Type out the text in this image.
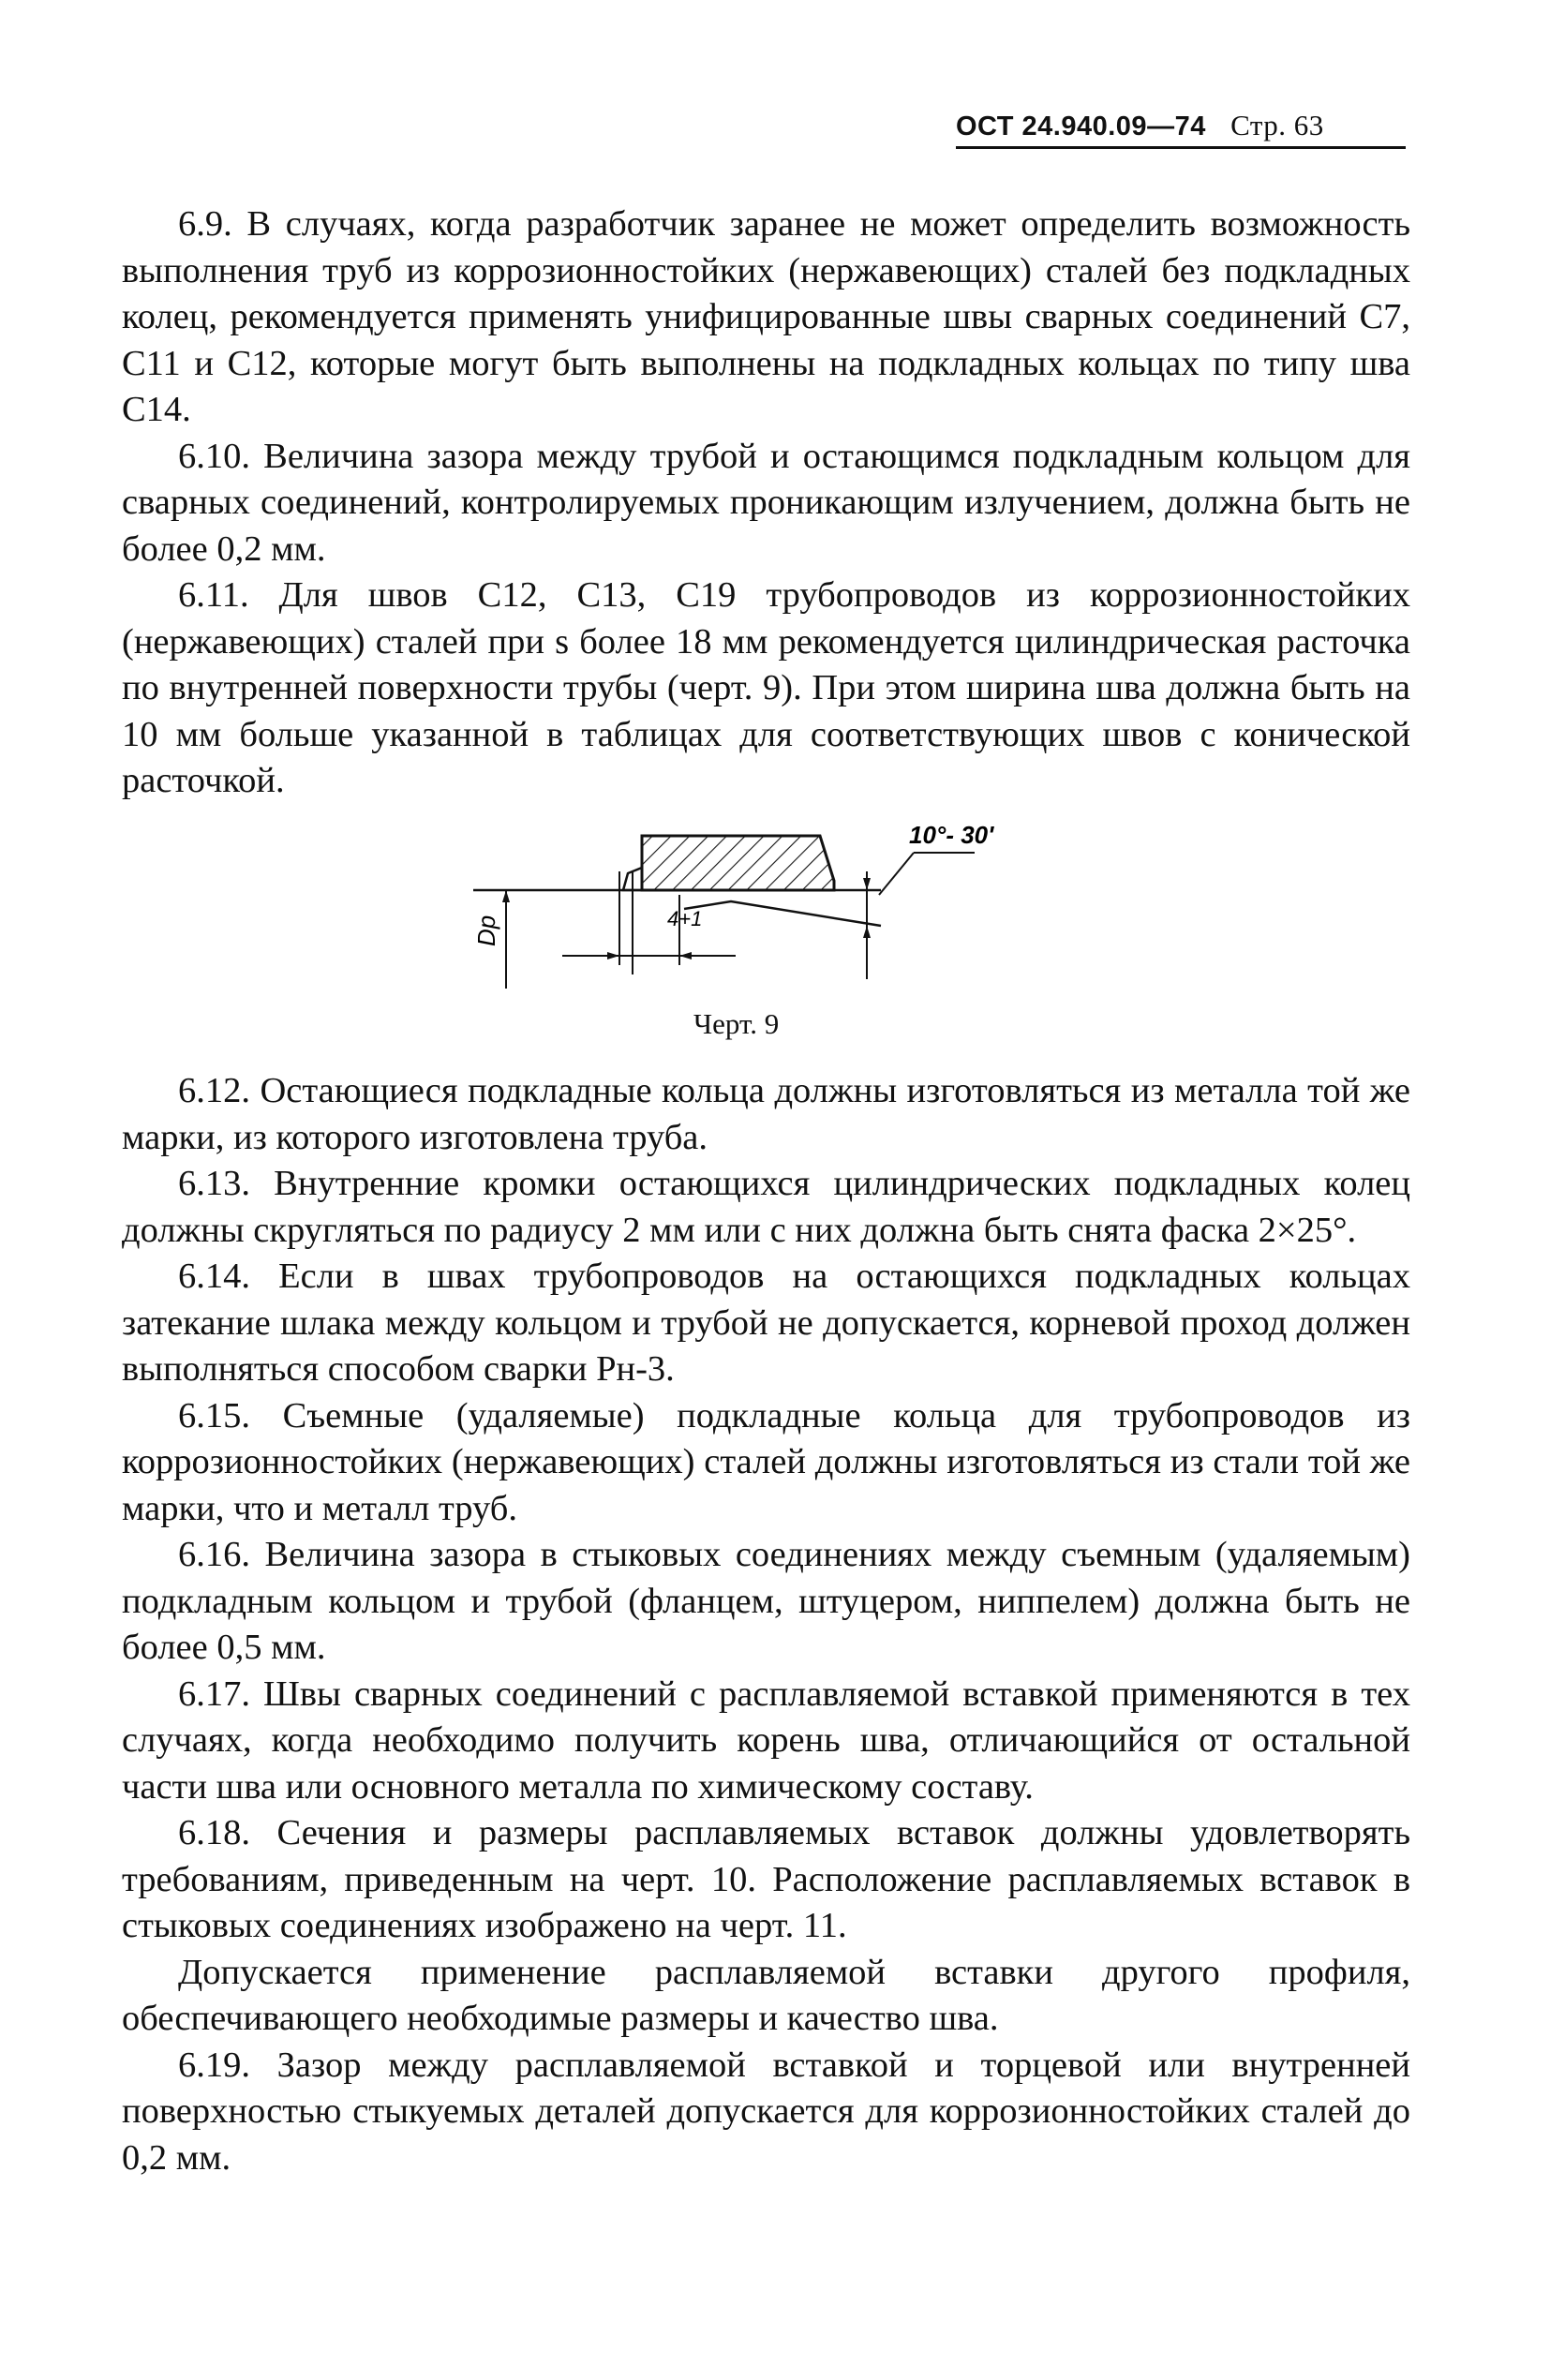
ОСТ 24.940.09—74 Стр. 63

6.9. В случаях, когда разработчик заранее не может определить возможность выполнения труб из коррозионностойких (нержавеющих) сталей без подкладных колец, рекомендуется применять унифицированные швы сварных соединений С7, С11 и С12, которые могут быть выполнены на подкладных кольцах по типу шва С14.

6.10. Величина зазора между трубой и остающимся подкладным кольцом для сварных соединений, контролируемых проникающим излучением, должна быть не более 0,2 мм.

6.11. Для швов С12, С13, С19 трубопроводов из коррозионностойких (нержавеющих) сталей при s более 18 мм рекомендуется цилиндрическая расточка по внутренней поверхности трубы (черт. 9). При этом ширина шва должна быть на 10 мм больше указанной в таблицах для соответствующих швов с конической расточкой.

10°- 30'
4+1
Dр
Черт. 9

6.12. Остающиеся подкладные кольца должны изготовляться из металла той же марки, из которого изготовлена труба.

6.13. Внутренние кромки остающихся цилиндрических подкладных колец должны скругляться по радиусу 2 мм или с них должна быть снята фаска 2×25°.

6.14. Если в швах трубопроводов на остающихся подкладных кольцах затекание шлака между кольцом и трубой не допускается, корневой проход должен выполняться способом сварки Рн-3.

6.15. Съемные (удаляемые) подкладные кольца для трубопроводов из коррозионностойких (нержавеющих) сталей должны изготовляться из стали той же марки, что и металл труб.

6.16. Величина зазора в стыковых соединениях между съемным (удаляемым) подкладным кольцом и трубой (фланцем, штуцером, ниппелем) должна быть не более 0,5 мм.

6.17. Швы сварных соединений с расплавляемой вставкой применяются в тех случаях, когда необходимо получить корень шва, отличающийся от остальной части шва или основного металла по химическому составу.

6.18. Сечения и размеры расплавляемых вставок должны удовлетворять требованиям, приведенным на черт. 10. Расположение расплавляемых вставок в стыковых соединениях изображено на черт. 11.

Допускается применение расплавляемой вставки другого профиля, обеспечивающего необходимые размеры и качество шва.

6.19. Зазор между расплавляемой вставкой и торцевой или внутренней поверхностью стыкуемых деталей допускается для коррозионностойких сталей до 0,2 мм.
